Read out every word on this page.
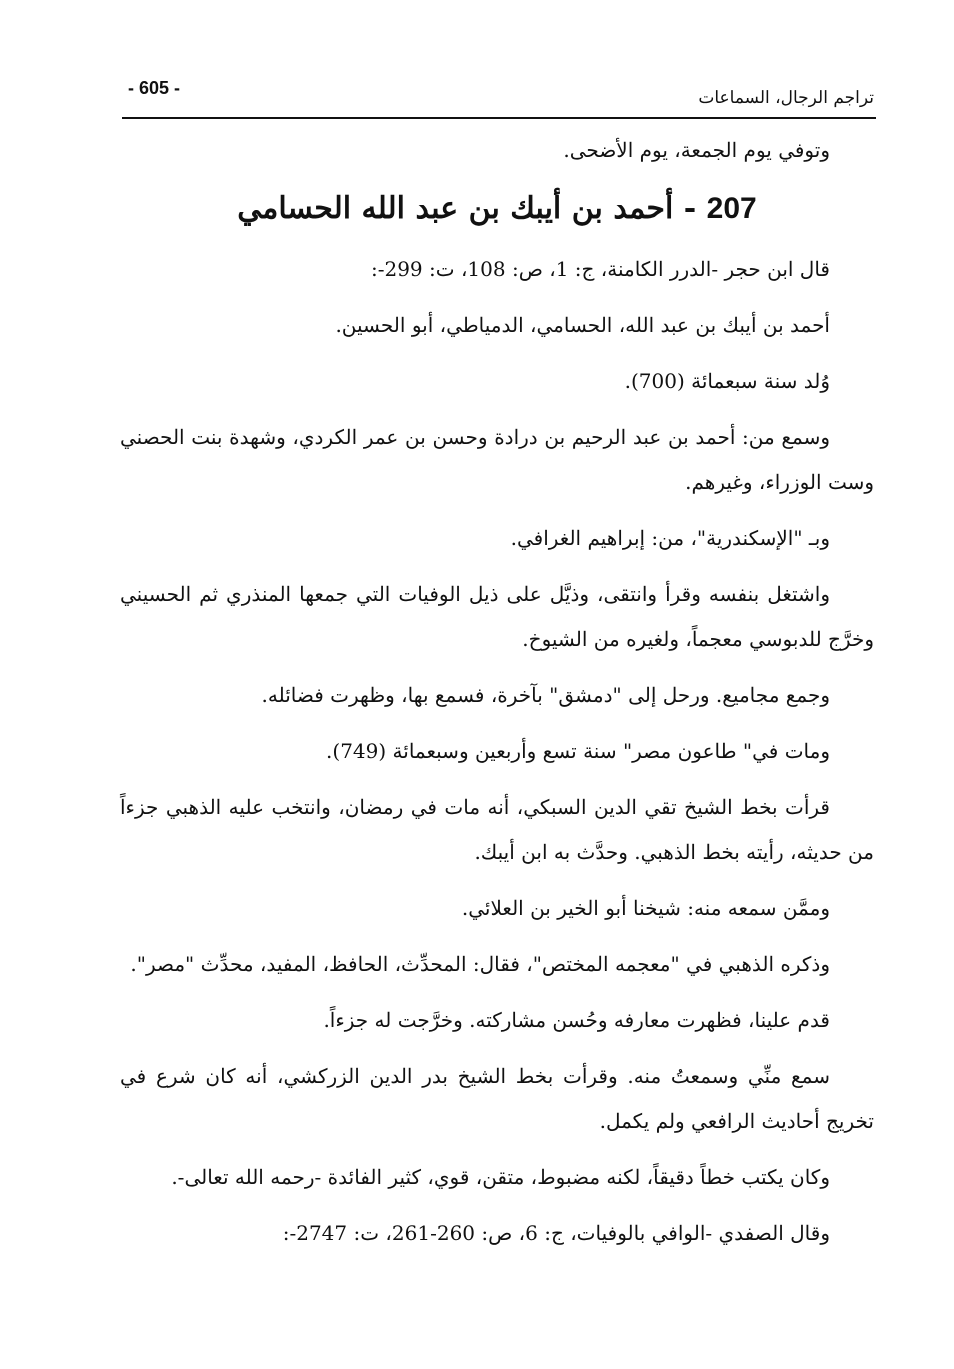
تراجم الرجال، السماعات
- 605 -

وتوفي يوم الجمعة، يوم الأضحى.

207 - أحمد بن أيبك بن عبد الله الحسامي

قال ابن حجر -الدرر الكامنة، ج: 1، ص: 108، ت: 299-:

أحمد بن أيبك بن عبد الله، الحسامي، الدمياطي، أبو الحسين.

وُلد سنة سبعمائة (700).

وسمع من: أحمد بن عبد الرحيم بن درادة وحسن بن عمر الكردي، وشهدة بنت الحصني وست الوزراء، وغيرهم.

وبـ "الإسكندرية"، من: إبراهيم الغرافي.

واشتغل بنفسه وقرأ وانتقى، وذيَّل على ذيل الوفيات التي جمعها المنذري ثم الحسيني وخرَّج للدبوسي معجماً، ولغيره من الشيوخ.

وجمع مجاميع. ورحل إلى "دمشق" بآخرة، فسمع بها، وظهرت فضائله.

ومات في" طاعون مصر" سنة تسع وأربعين وسبعمائة (749).

قرأت بخط الشيخ تقي الدين السبكي، أنه مات في رمضان، وانتخب عليه الذهبي جزءاً من حديثه، رأيته بخط الذهبي. وحدَّث به ابن أيبك.

وممَّن سمعه منه: شيخنا أبو الخير بن العلائي.

وذكره الذهبي في "معجمه المختص"، فقال: المحدِّث، الحافظ، المفيد، محدِّث "مصر".

قدم علينا، فظهرت معارفه وحُسن مشاركته. وخرَّجت له جزءاً.

سمع منِّي وسمعتُ منه. وقرأت بخط الشيخ بدر الدين الزركشي، أنه كان شرع في تخريج أحاديث الرافعي ولم يكمل.

وكان يكتب خطاً دقيقاً، لكنه مضبوط، متقن، قوي، كثير الفائدة -رحمه الله تعالى-.

وقال الصفدي -الوافي بالوفيات، ج: 6، ص: 260-261، ت: 2747-:
